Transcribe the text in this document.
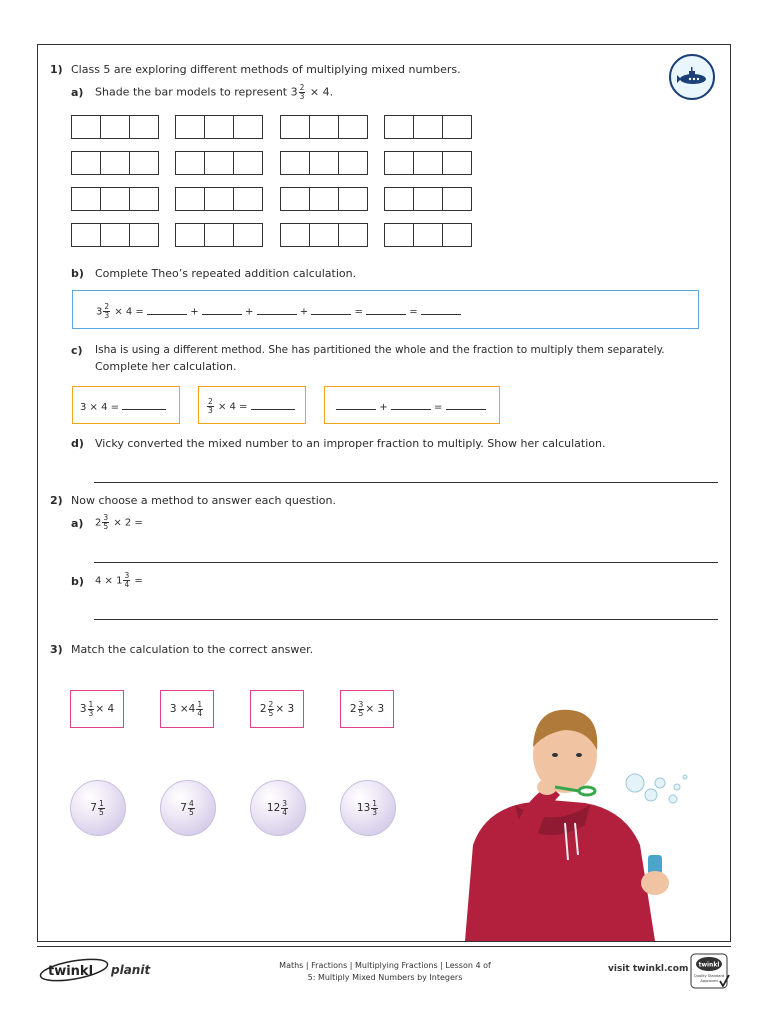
1) Class 5 are exploring different methods of multiplying mixed numbers.
a) Shade the bar models to represent $3 \frac{2}{3} \times 4$.
b) Complete Theo’s repeated addition calculation.
$3 \frac{2}{3} \times 4$ =	+	+	+	=	=
c) Isha is using a different method. She has partitioned the whole and the fraction to multiply them separately.
Complete her calculation.
3 × 4 =	$\frac{2}{3} \times 4$ =	+	=
d) Vicky converted the mixed number to an improper fraction to multiply. Show her calculation.
2) Now choose a method to answer each question.
a) $2 \frac{3}{5} \times 2$ =
b) $4 \times 1 \frac{3}{4}$ =
3) Match the calculation to the correct answer.
$3 \frac{1}{3} \times 4$	$3 \times 4 \frac{1}{4}$	$2 \frac{2}{5} \times 3$	$2 \frac{3}{5} \times 3$
$7 \frac{1}{5}$	$7 \frac{4}{5}$	$12 \frac{3}{4}$	$13 \frac{1}{3}$
twinkl planit	Maths | Fractions | Multiplying Fractions | Lesson 4 of
5: Multiply Mixed Numbers by Integers
visit twinkl.com twinkl
Quality Standard
Approved
